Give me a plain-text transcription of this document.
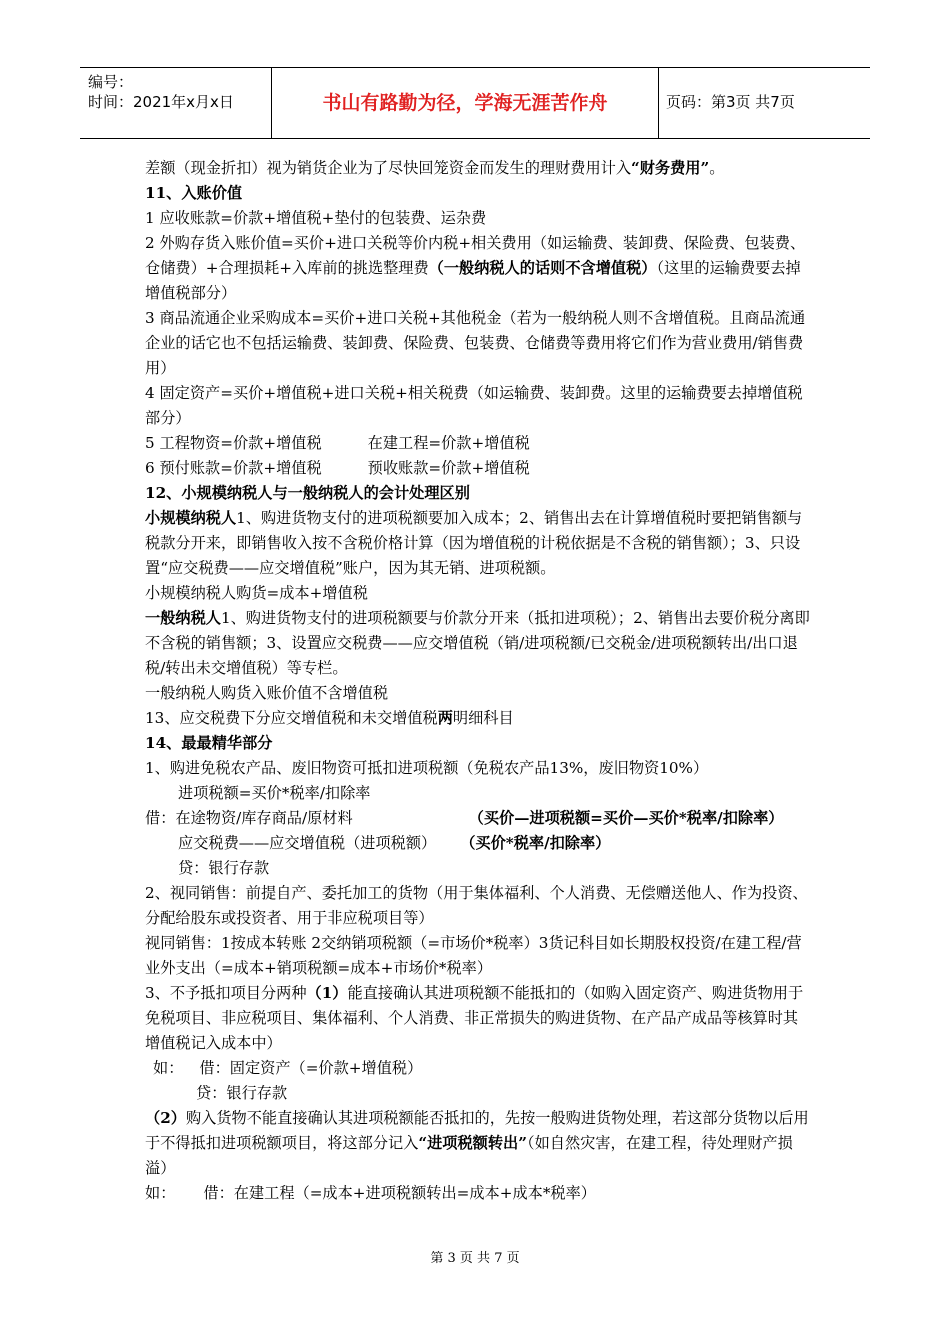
编号：
时间：2021年x月x日	书山有路勤为径，学海无涯苦作舟	页码：第3页 共7页

差额（现金折扣）视为销货企业为了尽快回笼资金而发生的理财费用计入“财务费用”。

11、入账价值

1 应收账款=价款+增值税+垫付的包装费、运杂费

2 外购存货入账价值=买价+进口关税等价内税+相关费用（如运输费、装卸费、保险费、包装费、仓储费）+合理损耗+入库前的挑选整理费（一般纳税人的话则不含增值税）（这里的运输费要去掉增值税部分）

3 商品流通企业采购成本=买价+进口关税+其他税金（若为一般纳税人则不含增值税。且商品流通企业的话它也不包括运输费、装卸费、保险费、包装费、仓储费等费用将它们作为营业费用/销售费用）

4 固定资产=买价+增值税+进口关税+相关税费（如运输费、装卸费。这里的运输费要去掉增值税部分）

5 工程物资=价款+增值税	在建工程=价款+增值税

6 预付账款=价款+增值税	预收账款=价款+增值税

12、小规模纳税人与一般纳税人的会计处理区别

小规模纳税人1、购进货物支付的进项税额要加入成本；2、销售出去在计算增值税时要把销售额与税款分开来，即销售收入按不含税价格计算（因为增值税的计税依据是不含税的销售额）；3、只设置“应交税费——应交增值税”账户，因为其无销、进项税额。

小规模纳税人购货=成本+增值税

一般纳税人1、购进货物支付的进项税额要与价款分开来（抵扣进项税）；2、销售出去要价税分离即不含税的销售额；3、设置应交税费——应交增值税（销/进项税额/已交税金/进项税额转出/出口退税/转出未交增值税）等专栏。

一般纳税人购货入账价值不含增值税

13、应交税费下分应交增值税和未交增值税两明细科目

14、最最精华部分

1、购进免税农产品、废旧物资可抵扣进项税额（免税农产品13%，废旧物资10%）

进项税额=买价*税率/扣除率

借：在途物资/库存商品/原材料	（买价—进项税额=买价—买价*税率/扣除率）

应交税费——应交增值税（进项税额） （买价*税率/扣除率）

贷：银行存款

2、视同销售：前提自产、委托加工的货物（用于集体福利、个人消费、无偿赠送他人、作为投资、分配给股东或投资者、用于非应税项目等）

视同销售：1按成本转账 2交纳销项税额（=市场价*税率）3货记科目如长期股权投资/在建工程/营业外支出（=成本+销项税额=成本+市场价*税率）

3、不予抵扣项目分两种（1）能直接确认其进项税额不能抵扣的（如购入固定资产、购进货物用于免税项目、非应税项目、集体福利、个人消费、非正常损失的购进货物、在产品产成品等核算时其增值税记入成本中）

如： 借：固定资产（=价款+增值税）

贷：银行存款

（2）购入货物不能直接确认其进项税额能否抵扣的，先按一般购进货物处理，若这部分货物以后用于不得抵扣进项税额项目，将这部分记入“进项税额转出”（如自然灾害，在建工程，待处理财产损溢）

如： 借：在建工程（=成本+进项税额转出=成本+成本*税率）

第 3 页 共 7 页
